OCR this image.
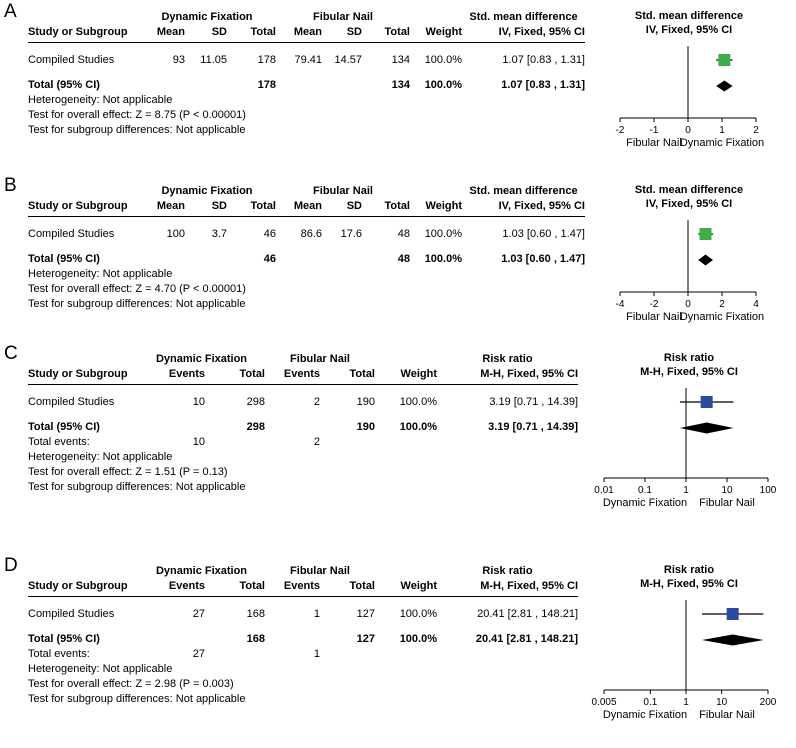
A	Dynamic Fixation	Fibular Nail	Std. mean difference
Study or Subgroup	Mean	SD	Total	Mean	SD	Total	Weight	IV, Fixed, 95% CI
Compiled Studies	93	11.05	178	79.41	14.57	134	100.0%	1.07 [0.83 , 1.31]
Total (95% CI)	178	134	100.0%	1.07 [0.83 , 1.31]
Heterogeneity: Not applicable
Test for overall effect: Z = 8.75 (P < 0.00001)
Test for subgroup differences: Not applicable
Std. mean difference
IV, Fixed, 95% CI
-2	-1	0	1	2
Fibular Nail
Dynamic Fixation
B	Dynamic Fixation	Fibular Nail	Std. mean difference
Study or Subgroup	Mean	SD	Total	Mean	SD	Total	Weight	IV, Fixed, 95% CI
Compiled Studies	100	3.7	46	86.6	17.6	48	100.0%	1.03 [0.60 , 1.47]
Total (95% CI)	46	48	100.0%	1.03 [0.60 , 1.47]
Heterogeneity: Not applicable
Test for overall effect: Z = 4.70 (P < 0.00001)
Test for subgroup differences: Not applicable
Std. mean difference
IV, Fixed, 95% CI
-4	-2	0	2	4
Fibular Nail
Dynamic Fixation
C	Dynamic Fixation	Fibular Nail	Risk ratio
Study or Subgroup	Events	Total	Events	Total	Weight	M-H, Fixed, 95% CI
Compiled Studies	10	298	2	190	100.0%	3.19 [0.71 , 14.39]
Total (95% CI)	298	190	100.0%	3.19 [0.71 , 14.39]
Total events:	10	2
Heterogeneity: Not applicable
Test for overall effect: Z = 1.51 (P = 0.13)
Test for subgroup differences: Not applicable
Risk ratio
M-H, Fixed, 95% CI
0.01 0.1	1	10	100
Dynamic Fixation Fibular Nail
D	Dynamic Fixation	Fibular Nail	Risk ratio
Study or Subgroup	Events	Total	Events	Total	Weight	M-H, Fixed, 95% CI
Compiled Studies	27	168	1	127	100.0%	20.41 [2.81 , 148.21]
Total (95% CI)	168	127	100.0%	20.41 [2.81 , 148.21]
Total events:	27	1
Heterogeneity: Not applicable
Test for overall effect: Z = 2.98 (P = 0.003)
Test for subgroup differences: Not applicable
Risk ratio
M-H, Fixed, 95% CI
0.005	0.1	1	10	200
Dynamic Fixation Fibular Nail
